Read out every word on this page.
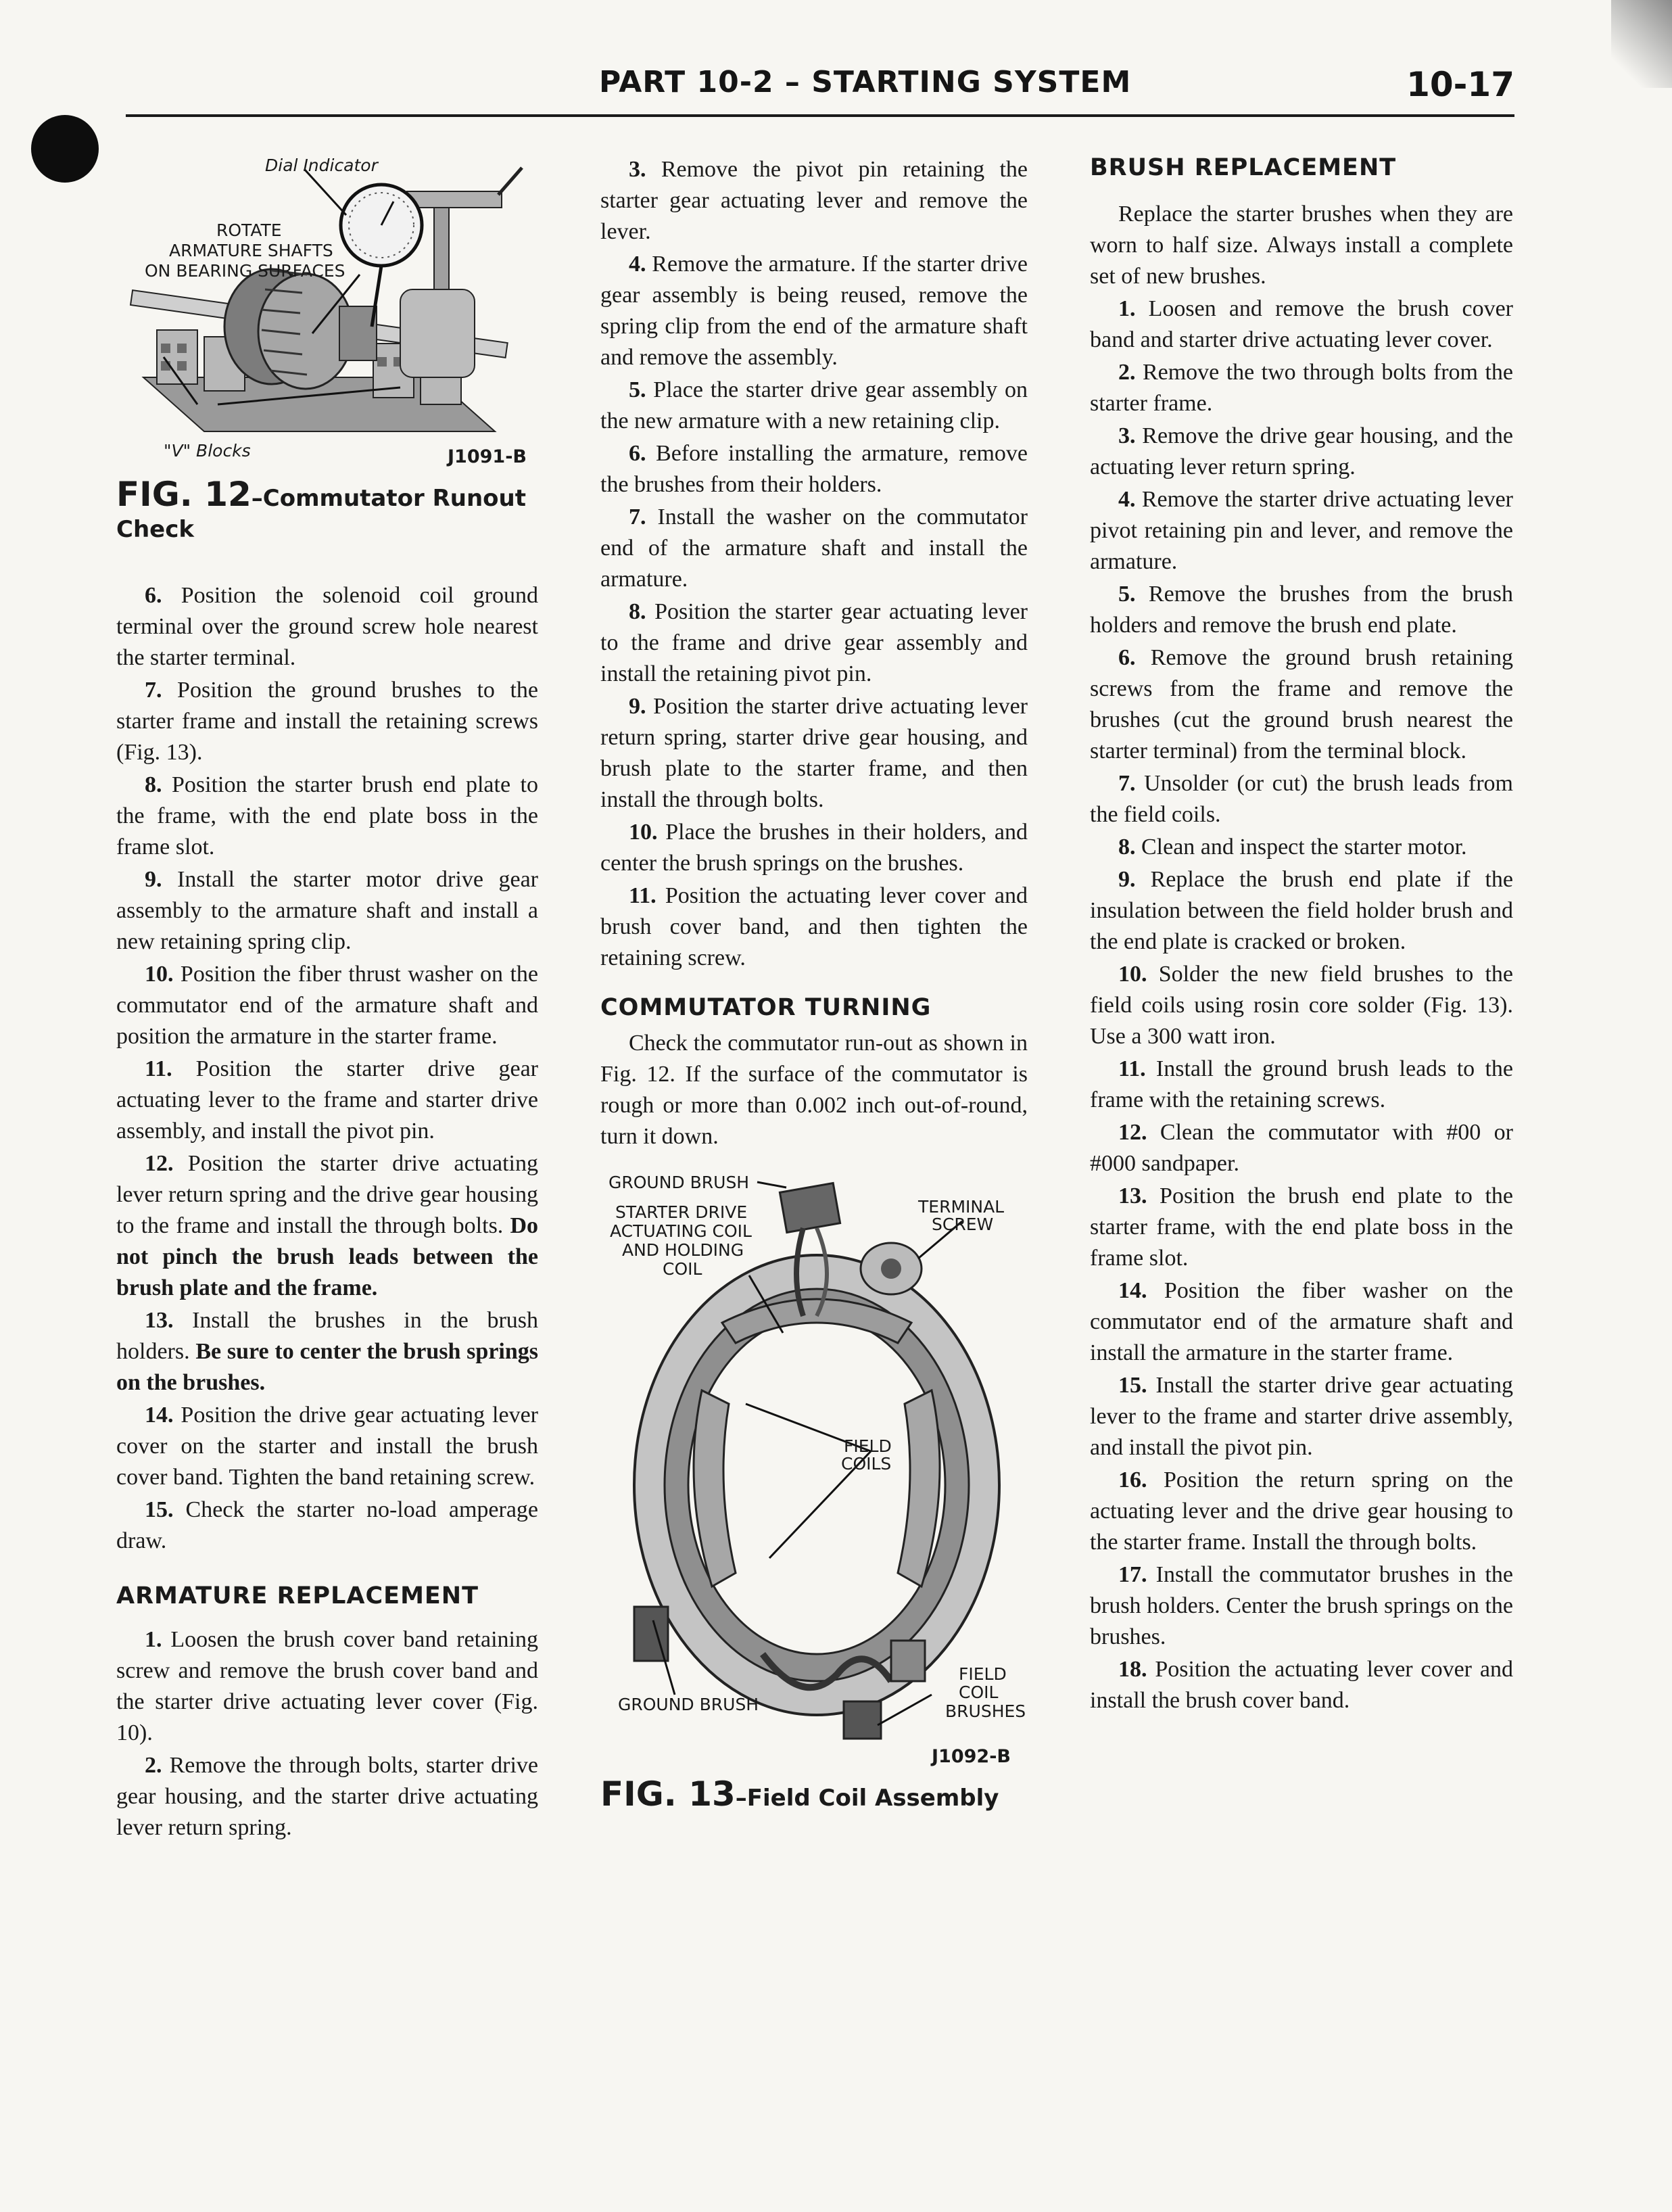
PART 10-2 – STARTING SYSTEM	10-17
Dial Indicator
ROTATE
ARMATURE SHAFTS
ON BEARING SURFACES
"V" Blocks	J1091-B
FIG. 12–Commutator Runout Check

6. Position the solenoid coil ground terminal over the ground screw hole nearest the starter terminal.

7. Position the ground brushes to the starter frame and install the retaining screws (Fig. 13).

8. Position the starter brush end plate to the frame, with the end plate boss in the frame slot.

9. Install the starter motor drive gear assembly to the armature shaft and install a new retaining spring clip.

10. Position the fiber thrust washer on the commutator end of the armature shaft and position the armature in the starter frame.

11. Position the starter drive gear actuating lever to the frame and starter drive assembly, and install the pivot pin.

12. Position the starter drive actuating lever return spring and the drive gear housing to the frame and install the through bolts. Do not pinch the brush leads between the brush plate and the frame.

13. Install the brushes in the brush holders. Be sure to center the brush springs on the brushes.

14. Position the drive gear actuating lever cover on the starter and install the brush cover band. Tighten the band retaining screw.

15. Check the starter no-load amperage draw.

ARMATURE REPLACEMENT

1. Loosen the brush cover band retaining screw and remove the brush cover band and the starter drive actuating lever cover (Fig. 10).

2. Remove the through bolts, starter drive gear housing, and the starter drive actuating lever return spring.

3. Remove the pivot pin retaining the starter gear actuating lever and remove the lever.

4. Remove the armature. If the starter drive gear assembly is being reused, remove the spring clip from the end of the armature shaft and remove the assembly.

5. Place the starter drive gear assembly on the new armature with a new retaining clip.

6. Before installing the armature, remove the brushes from their holders.

7. Install the washer on the commutator end of the armature shaft and install the armature.

8. Position the starter gear actuating lever to the frame and drive gear assembly and install the retaining pivot pin.

9. Position the starter drive actuating lever return spring, starter drive gear housing, and brush plate to the starter frame, and then install the through bolts.

10. Place the brushes in their holders, and center the brush springs on the brushes.

11. Position the actuating lever cover and brush cover band, and then tighten the retaining screw.

COMMUTATOR TURNING

Check the commutator run-out as shown in Fig. 12. If the surface of the commutator is rough or more than 0.002 inch out-of-round, turn it down.

GROUND BRUSH
STARTER DRIVE
ACTUATING COIL
AND HOLDING
COIL
TERMINAL
SCREW
FIELD
COILS
GROUND BRUSH
FIELD
COIL
BRUSHES
J1092-B
FIG. 13–Field Coil Assembly
BRUSH REPLACEMENT

Replace the starter brushes when they are worn to half size. Always install a complete set of new brushes.

1. Loosen and remove the brush cover band and starter drive actuating lever cover.

2. Remove the two through bolts from the starter frame.

3. Remove the drive gear housing, and the actuating lever return spring.

4. Remove the starter drive actuating lever pivot retaining pin and lever, and remove the armature.

5. Remove the brushes from the brush holders and remove the brush end plate.

6. Remove the ground brush retaining screws from the frame and remove the brushes (cut the ground brush nearest the starter terminal) from the terminal block.

7. Unsolder (or cut) the brush leads from the field coils.

8. Clean and inspect the starter motor.

9. Replace the brush end plate if the insulation between the field holder brush and the end plate is cracked or broken.

10. Solder the new field brushes to the field coils using rosin core solder (Fig. 13). Use a 300 watt iron.

11. Install the ground brush leads to the frame with the retaining screws.

12. Clean the commutator with #00 or #000 sandpaper.

13. Position the brush end plate to the starter frame, with the end plate boss in the frame slot.

14. Position the fiber washer on the commutator end of the armature shaft and install the armature in the starter frame.

15. Install the starter drive gear actuating lever to the frame and starter drive assembly, and install the pivot pin.

16. Position the return spring on the actuating lever and the drive gear housing to the starter frame. Install the through bolts.

17. Install the commutator brushes in the brush holders. Center the brush springs on the brushes.

18. Position the actuating lever cover and install the brush cover band.
